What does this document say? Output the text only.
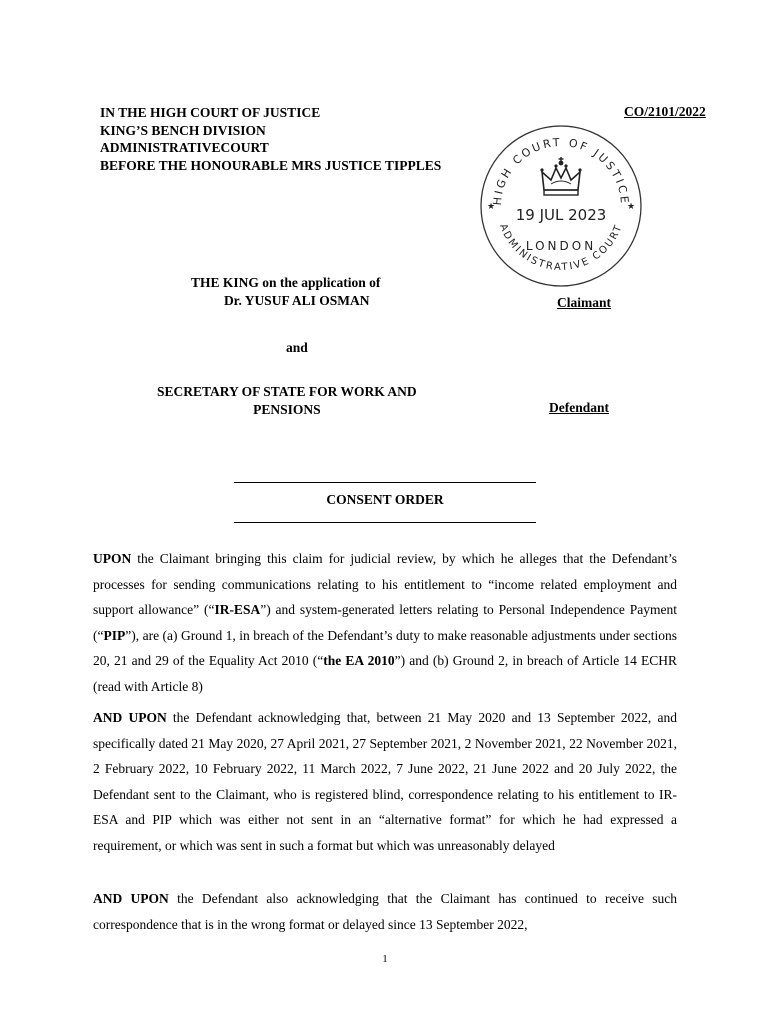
IN THE HIGH COURT OF JUSTICE
KING’S BENCH DIVISION
ADMINISTRATIVECOURT
BEFORE THE HONOURABLE MRS JUSTICE TIPPLES
CO/2101/2022
HIGH COURT OF JUSTICE
ADMINISTRATIVE COURT
★	★
19 JUL 2023
LONDON
THE KING on the application of
Dr. YUSUF ALI OSMAN	Claimant
and
SECRETARY OF STATE FOR WORK AND
PENSIONS	Defendant
CONSENT ORDER
UPON the Claimant bringing this claim for judicial review, by which he alleges that the Defendant’s processes for sending communications relating to his entitlement to “income related employment and support allowance” (“IR-ESA”) and system-generated letters relating to Personal Independence Payment (“PIP”), are (a) Ground 1, in breach of the Defendant’s duty to make reasonable adjustments under sections 20, 21 and 29 of the Equality Act 2010 (“the EA 2010”) and (b) Ground 2, in breach of Article 14 ECHR (read with Article 8)
AND UPON the Defendant acknowledging that, between 21 May 2020 and 13 September 2022, and specifically dated 21 May 2020, 27 April 2021, 27 September 2021, 2 November 2021, 22 November 2021, 2 February 2022, 10 February 2022, 11 March 2022, 7 June 2022, 21 June 2022 and 20 July 2022, the Defendant sent to the Claimant, who is registered blind, correspondence relating to his entitlement to IR-ESA and PIP which was either not sent in an “alternative format” for which he had expressed a requirement, or which was sent in such a format but which was unreasonably delayed
AND UPON the Defendant also acknowledging that the Claimant has continued to receive such correspondence that is in the wrong format or delayed since 13 September 2022,
1
